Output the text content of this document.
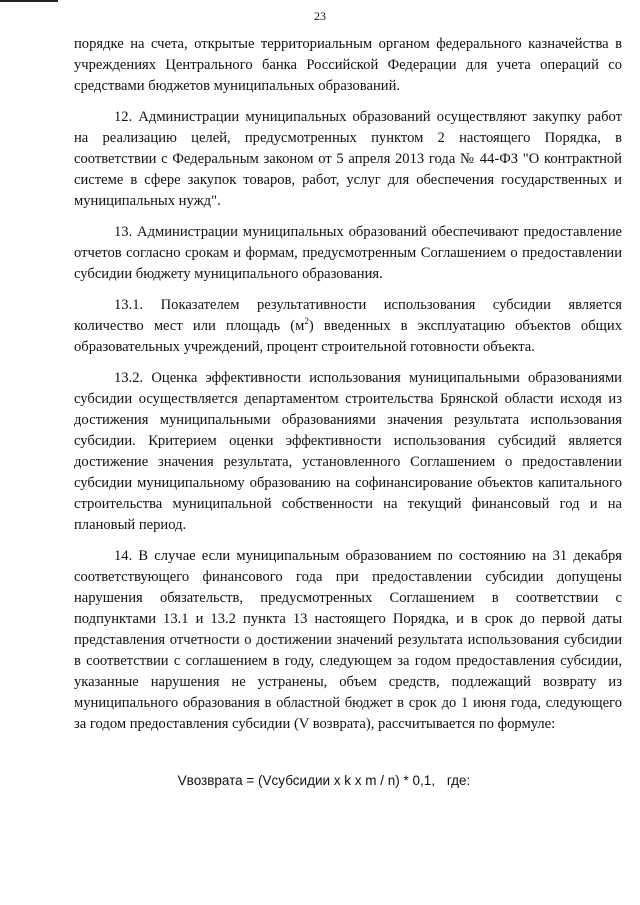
23

порядке на счета, открытые территориальным органом федерального казначейства в учреждениях Центрального банка Российской Федерации для учета операций со средствами бюджетов муниципальных образований.

12. Администрации муниципальных образований осуществляют закупку работ на реализацию целей, предусмотренных пунктом 2 настоящего Порядка, в соответствии с Федеральным законом от 5 апреля 2013 года № 44-ФЗ "О контрактной системе в сфере закупок товаров, работ, услуг для обеспечения государственных и муниципальных нужд".

13. Администрации муниципальных образований обеспечивают предоставление отчетов согласно срокам и формам, предусмотренным Соглашением о предоставлении субсидии бюджету муниципального образования.

13.1. Показателем результативности использования субсидии является количество мест или площадь $(м^2)$ введенных в эксплуатацию объектов общих образовательных учреждений, процент строительной готовности объекта.

13.2. Оценка эффективности использования муниципальными образованиями субсидии осуществляется департаментом строительства Брянской области исходя из достижения муниципальными образованиями значения результата использования субсидии. Критерием оценки эффективности использования субсидий является достижение значения результата, установленного Соглашением о предоставлении субсидии муниципальному образованию на софинансирование объектов капитального строительства муниципальной собственности на текущий финансовый год и на плановый период.

14. В случае если муниципальным образованием по состоянию на 31 декабря соответствующего финансового года при предоставлении субсидии допущены нарушения обязательств, предусмотренных Соглашением в соответствии с подпунктами 13.1 и 13.2 пункта 13 настоящего Порядка, и в срок до первой даты представления отчетности о достижении значений результата использования субсидии в соответствии с соглашением в году, следующем за годом предоставления субсидии, указанные нарушения не устранены, объем средств, подлежащий возврату из муниципального образования в областной бюджет в срок до 1 июня года, следующего за годом предоставления субсидии (V возврата), рассчитывается по формуле:

Vвозврата = (Vсубсидии x k x m / n) * 0,1, где:
